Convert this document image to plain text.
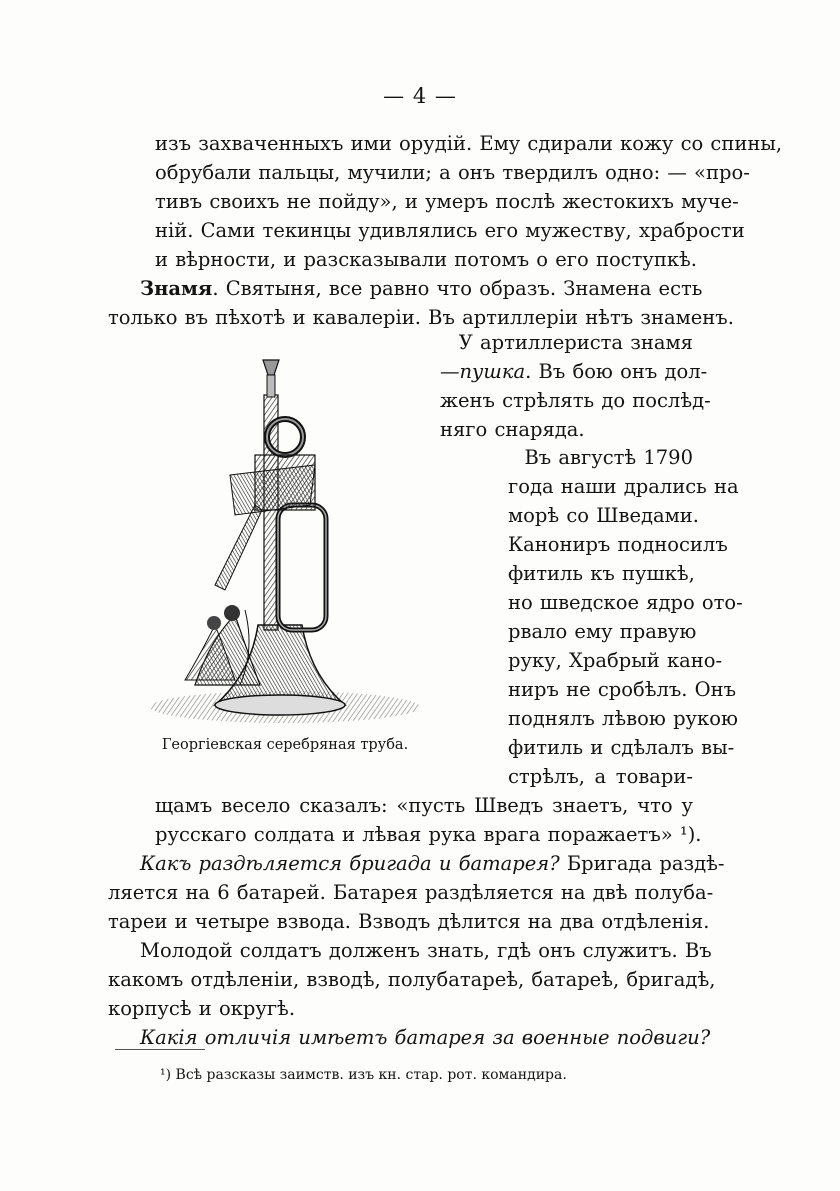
— 4 —
изъ захваченныхъ ими орудій. Ему сдирали кожу со спины,
обрубали пальцы, мучили; а онъ твердилъ одно: — «про-
тивъ своихъ не пойду», и умеръ послѣ жестокихъ муче-
ній. Сами текинцы удивлялись его мужеству, храбрости
и вѣрности, и разсказывали потомъ о его поступкѣ.
Знамя. Святыня, все равно что образъ. Знамена есть
только въ пѣхотѣ и кавалеріи. Въ артиллеріи нѣтъ знаменъ.
У артиллериста знамя
—пушка. Въ бою онъ дол-
женъ стрѣлять до послѣд-
няго снаряда.
Въ августѣ 1790
года наши дрались на
морѣ со Шведами.
Канониръ подносилъ
фитиль къ пушкѣ,
но шведское ядро ото-
рвало ему правую
руку, Храбрый кано-
ниръ не сробѣлъ. Онъ
поднялъ лѣвою рукою
фитиль и сдѣлалъ вы-
стрѣлъ, а товари-
щамъ весело сказалъ: «пусть Шведъ знаетъ, что у
русскаго солдата и лѣвая рука врага поражаетъ» ¹).
Какъ раздѣляется бригада и батарея? Бригада раздѣ-
ляется на 6 батарей. Батарея раздѣляется на двѣ полуба-
тареи и четыре взвода. Взводъ дѣлится на два отдѣленія.
Молодой солдатъ долженъ знать, гдѣ онъ служитъ. Въ
какомъ отдѣленіи, взводѣ, полубатареѣ, батареѣ, бригадѣ,
корпусѣ и округѣ.
Какія отличія имѣетъ батарея за военные подвиги?
¹) Всѣ разсказы заимств. изъ кн. стар. рот. командира.
Георгіевская серебряная труба.
